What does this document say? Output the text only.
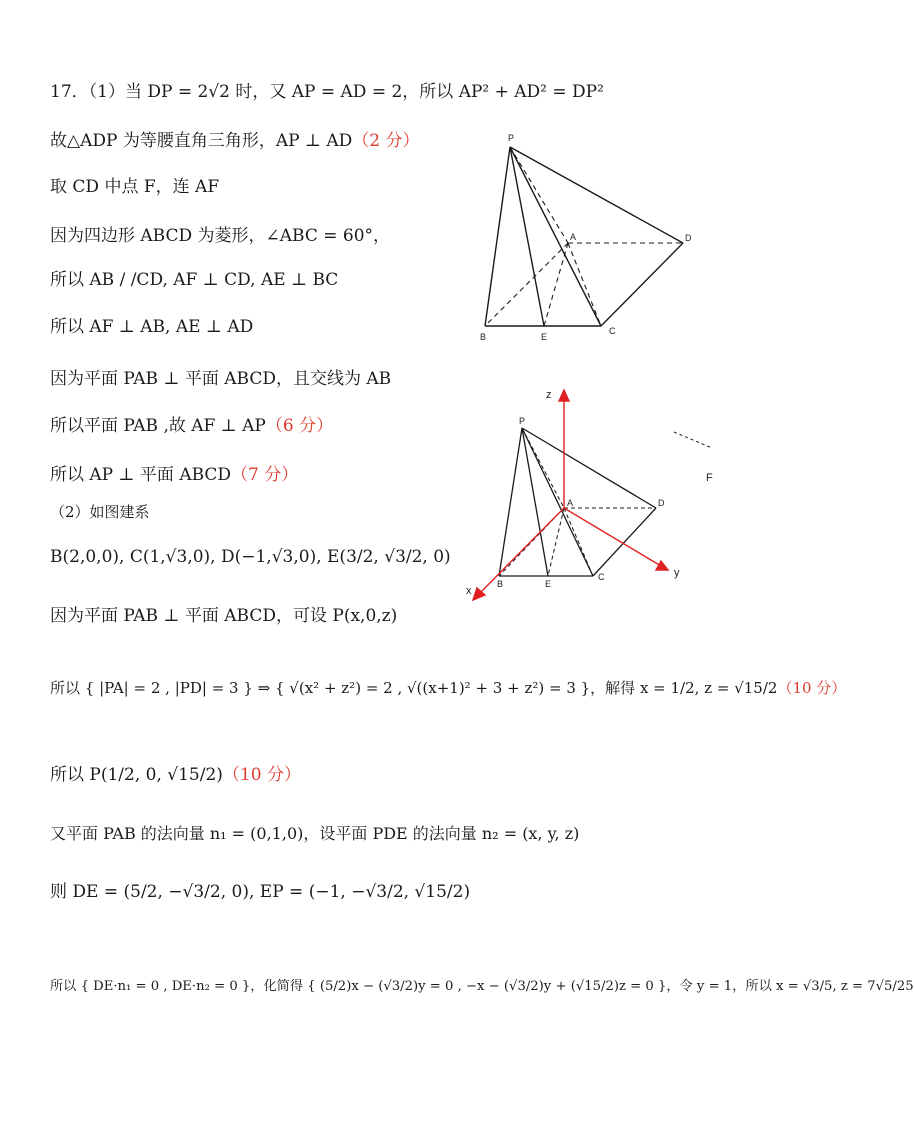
17．（1）当 DP = 2√2 时，又 AP = AD = 2，所以 AP² + AD² = DP²
故△ADP 为等腰直角三角形，AP ⊥ AD（2 分）
取 CD 中点 F，连 AF
因为四边形 ABCD 为菱形，∠ABC = 60°，
所以 AB / /CD, AF ⊥ CD, AE ⊥ BC
所以 AF ⊥ AB, AE ⊥ AD
因为平面 PAB ⊥ 平面 ABCD，且交线为 AB
所以平面 PAB ,故 AF ⊥ AP（6 分）
所以 AP ⊥ 平面 ABCD（7 分）
（2）如图建系
B(2,0,0), C(1,√3,0), D(−1,√3,0), E(3/2, √3/2, 0)
因为平面 PAB ⊥ 平面 ABCD，可设 P(x,0,z)
所以 { |PA| = 2 , |PD| = 3 } ⇒ { √(x² + z²) = 2 , √((x+1)² + 3 + z²) = 3 }，解得 x = 1/2, z = √15/2（10 分）
所以 P(1/2, 0, √15/2)（10 分）
又平面 PAB 的法向量 n₁ = (0,1,0)，设平面 PDE 的法向量 n₂ = (x, y, z)
则 DE = (5/2, −√3/2, 0), EP = (−1, −√3/2, √15/2)
所以 { DE·n₁ = 0 , DE·n₂ = 0 }，化简得 { (5/2)x − (√3/2)y = 0 , −x − (√3/2)y + (√15/2)z = 0 }，令 y = 1，所以 x = √3/5, z = 7√5/25
P
A	D
B	E
C
P
A	D
B	E
C
z
y
x
F
